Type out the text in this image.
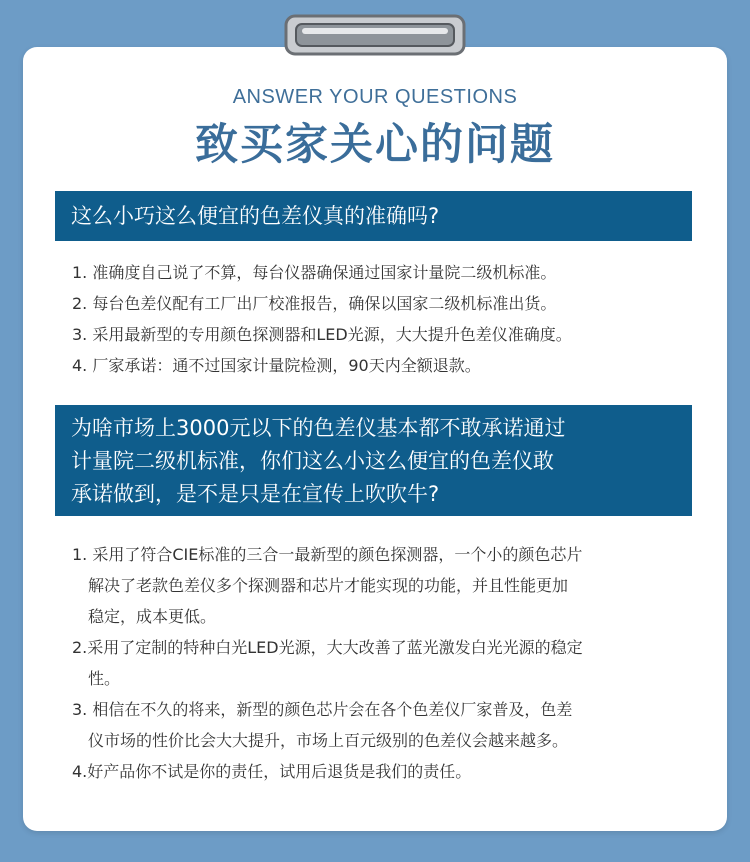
ANSWER YOUR QUESTIONS
致买家关心的问题
这么小巧这么便宜的色差仪真的准确吗?
1. 准确度自己说了不算，每台仪器确保通过国家计量院二级机标准。
2. 每台色差仪配有工厂出厂校准报告，确保以国家二级机标准出货。
3. 采用最新型的专用颜色探测器和LED光源，大大提升色差仪准确度。
4. 厂家承诺：通不过国家计量院检测，90天内全额退款。
为啥市场上3000元以下的色差仪基本都不敢承诺通过
计量院二级机标准，你们这么小这么便宜的色差仪敢
承诺做到，是不是只是在宣传上吹吹牛?
1. 采用了符合CIE标准的三合一最新型的颜色探测器，一个小的颜色芯片
解决了老款色差仪多个探测器和芯片才能实现的功能，并且性能更加
稳定，成本更低。
2.采用了定制的特种白光LED光源，大大改善了蓝光激发白光光源的稳定
性。
3. 相信在不久的将来，新型的颜色芯片会在各个色差仪厂家普及，色差
仪市场的性价比会大大提升，市场上百元级别的色差仪会越来越多。
4.好产品你不试是你的责任，试用后退货是我们的责任。
